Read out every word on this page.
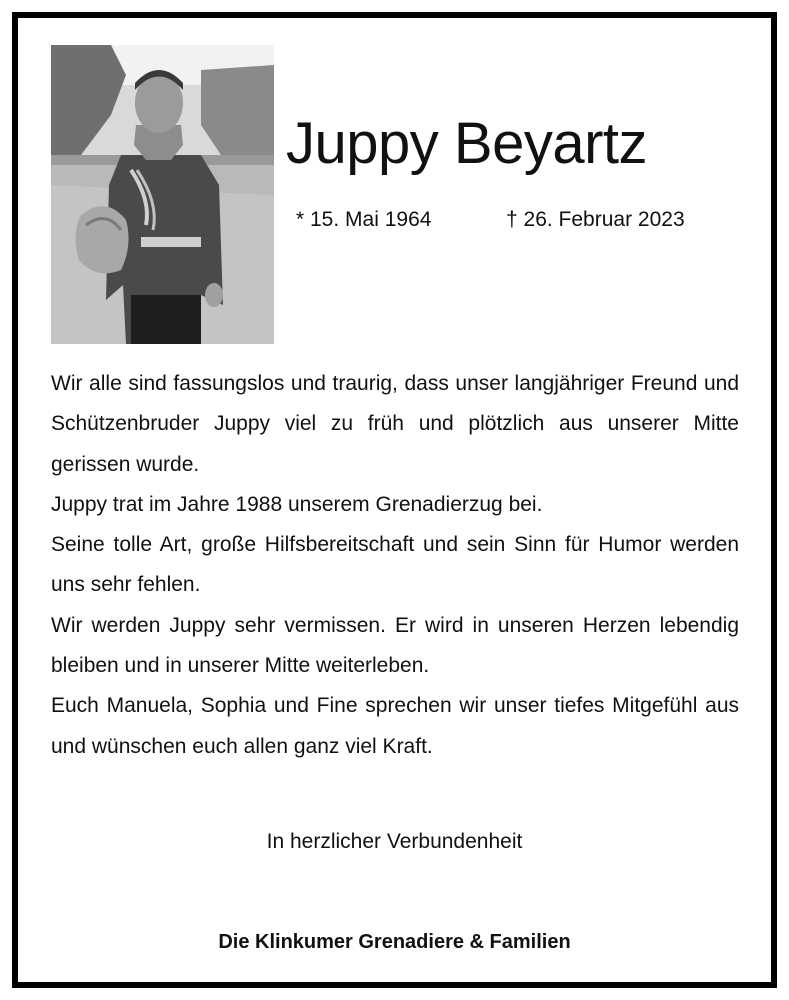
Juppy Beyartz
* 15. Mai 1964	† 26. Februar 2023

Wir alle sind fassungslos und traurig, dass unser langjähriger Freund und Schützenbruder Juppy viel zu früh und plötzlich aus unserer Mitte gerissen wurde.

Juppy trat im Jahre 1988 unserem Grenadierzug bei.

Seine tolle Art, große Hilfsbereitschaft und sein Sinn für Humor werden uns sehr fehlen.

Wir werden Juppy sehr vermissen. Er wird in unseren Herzen lebendig bleiben und in unserer Mitte weiterleben.

Euch Manuela, Sophia und Fine sprechen wir unser tiefes Mitgefühl aus und wünschen euch allen ganz viel Kraft.

In herzlicher Verbundenheit
Die Klinkumer Grenadiere & Familien
